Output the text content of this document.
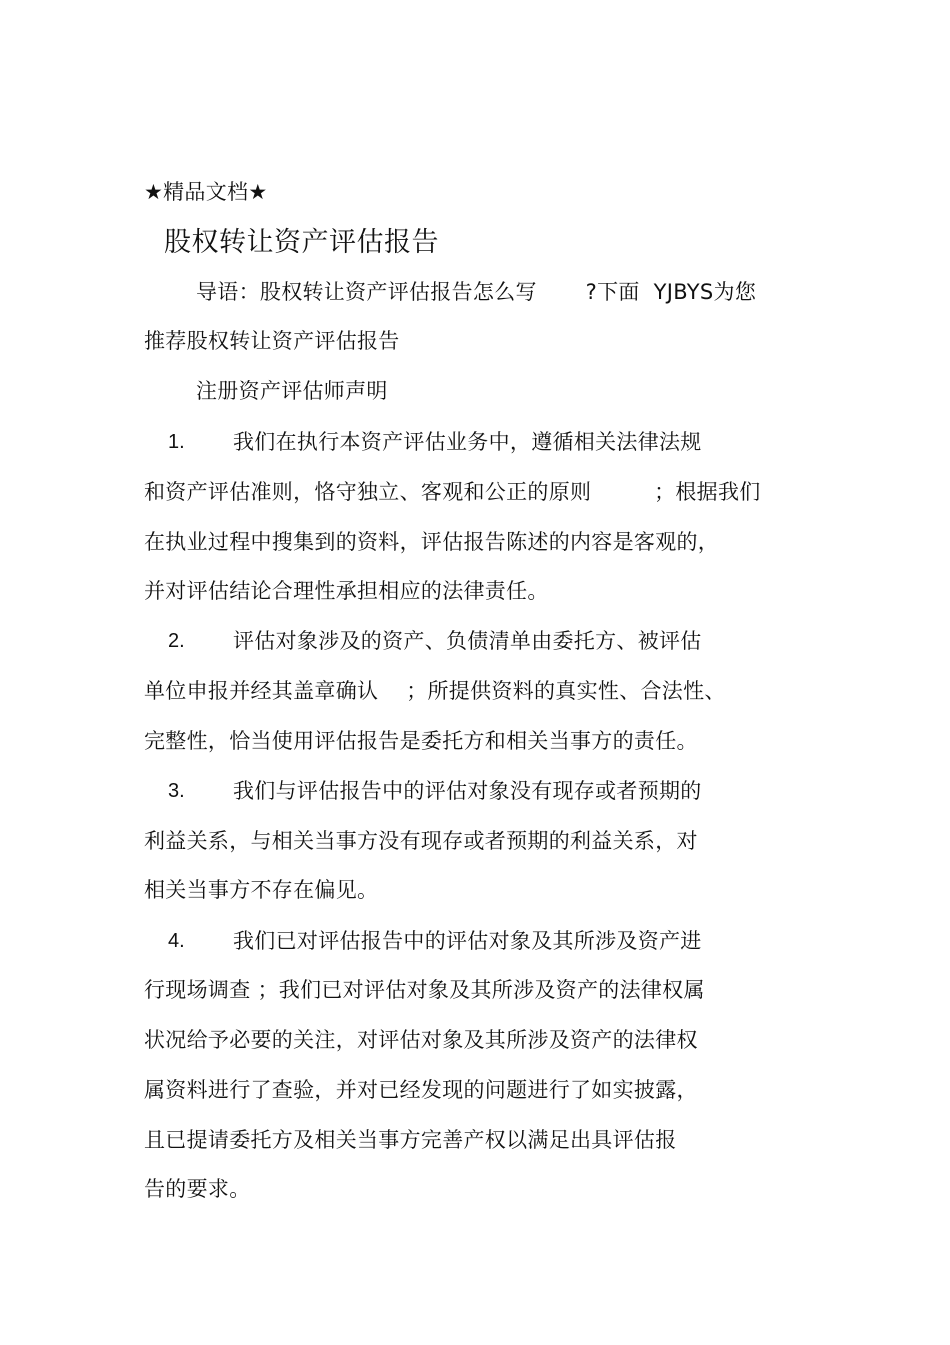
★精品文档★
股权转让资产评估报告
导语：股权转让资产评估报告怎么写       ?下面  YJBYS为您
推荐股权转让资产评估报告
注册资产评估师声明
1. 我们在执行本资产评估业务中，遵循相关法律法规
和资产评估准则，恪守独立、客观和公正的原则         ；根据我们
在执业过程中搜集到的资料，评估报告陈述的内容是客观的，
并对评估结论合理性承担相应的法律责任。
2. 评估对象涉及的资产、负债清单由委托方、被评估
单位申报并经其盖章确认    ；所提供资料的真实性、合法性、
完整性，恰当使用评估报告是委托方和相关当事方的责任。
3. 我们与评估报告中的评估对象没有现存或者预期的
利益关系，与相关当事方没有现存或者预期的利益关系，对
相关当事方不存在偏见。
4. 我们已对评估报告中的评估对象及其所涉及资产进
行现场调查 ；我们已对评估对象及其所涉及资产的法律权属
状况给予必要的关注，对评估对象及其所涉及资产的法律权
属资料进行了查验，并对已经发现的问题进行了如实披露，
且已提请委托方及相关当事方完善产权以满足出具评估报
告的要求。
